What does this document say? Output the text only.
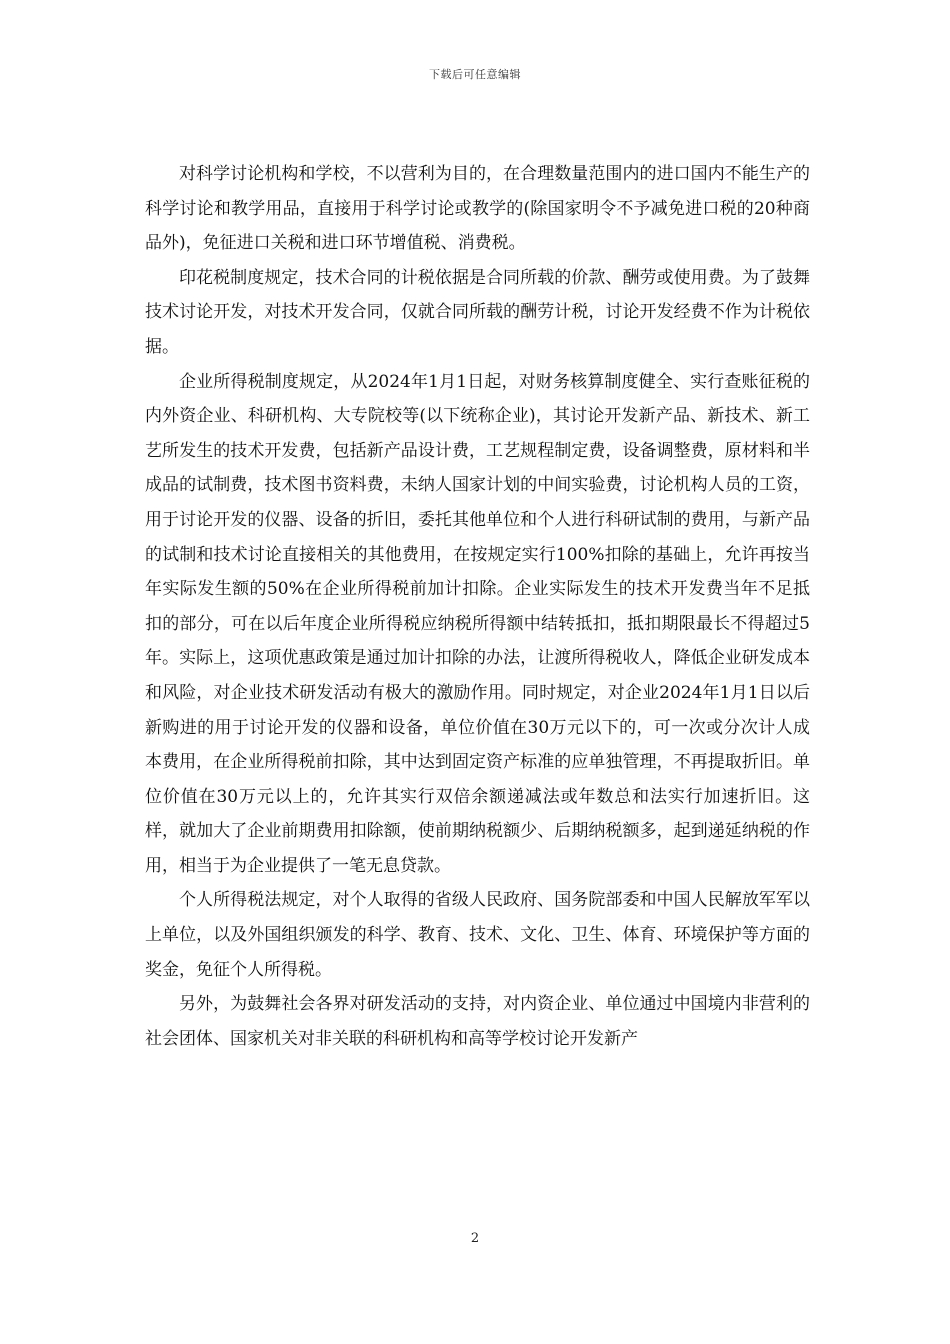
下载后可任意编辑

对科学讨论机构和学校，不以营利为目的，在合理数量范围内的进口国内不能生产的科学讨论和教学用品，直接用于科学讨论或教学的(除国家明令不予减免进口税的20种商品外)，免征进口关税和进口环节增值税、消费税。

印花税制度规定，技术合同的计税依据是合同所载的价款、酬劳或使用费。为了鼓舞技术讨论开发，对技术开发合同，仅就合同所载的酬劳计税，讨论开发经费不作为计税依据。

企业所得税制度规定，从2024年1月1日起，对财务核算制度健全、实行查账征税的内外资企业、科研机构、大专院校等(以下统称企业)，其讨论开发新产品、新技术、新工艺所发生的技术开发费，包括新产品设计费，工艺规程制定费，设备调整费，原材料和半成品的试制费，技术图书资料费，未纳人国家计划的中间实验费，讨论机构人员的工资，用于讨论开发的仪器、设备的折旧，委托其他单位和个人进行科研试制的费用，与新产品的试制和技术讨论直接相关的其他费用，在按规定实行100%扣除的基础上，允许再按当年实际发生额的50%在企业所得税前加计扣除。企业实际发生的技术开发费当年不足抵扣的部分，可在以后年度企业所得税应纳税所得额中结转抵扣，抵扣期限最长不得超过5年。实际上，这项优惠政策是通过加计扣除的办法，让渡所得税收人，降低企业研发成本和风险，对企业技术研发活动有极大的激励作用。同时规定，对企业2024年1月1日以后新购进的用于讨论开发的仪器和设备，单位价值在30万元以下的，可一次或分次计人成本费用，在企业所得税前扣除，其中达到固定资产标准的应单独管理，不再提取折旧。单位价值在30万元以上的，允许其实行双倍余额递减法或年数总和法实行加速折旧。这样，就加大了企业前期费用扣除额，使前期纳税额少、后期纳税额多，起到递延纳税的作用，相当于为企业提供了一笔无息贷款。

个人所得税法规定，对个人取得的省级人民政府、国务院部委和中国人民解放军军以上单位，以及外国组织颁发的科学、教育、技术、文化、卫生、体育、环境保护等方面的奖金，免征个人所得税。

另外，为鼓舞社会各界对研发活动的支持，对内资企业、单位通过中国境内非营利的社会团体、国家机关对非关联的科研机构和高等学校讨论开发新产

2
